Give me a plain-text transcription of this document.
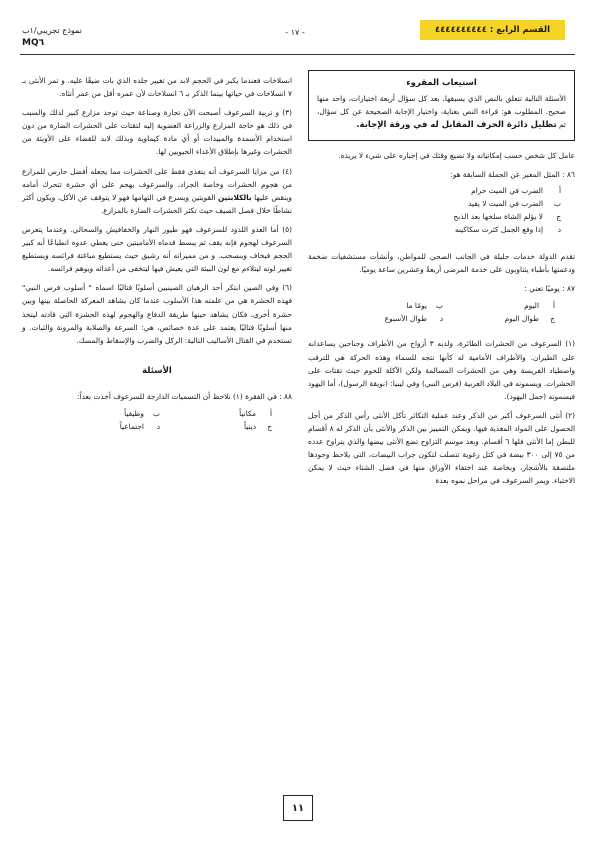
القسم الرابع : ٤٤٤٤٤٤٤٤٤٤
- ١٧ -
نموذج تجريبي/١ب
MQ٦
استيعاب المقروء
الأسئلة التالية تتعلق بالنص الذي يسبقها، بعد كل سؤال أربعة اختيارات، واحد منها صحيح. المطلوب هو: قراءة النص بعناية، واختيار الإجابة الصحيحة عن كل سؤال، ثم تظليل دائرة الحرف المقابل له في ورقة الإجابة.

عامل كل شخص حسب إمكانياته ولا تضيع وقتك في إجباره على شيء لا يريده.

٨٦ : المثل المعبر عن الجملة السابقة هو:
أ
الضرب في الميت حرام
ب
الضرب في الميت لا يفيد
ج
لا يؤلم الشاة سلخها بعد الذبح
د
إذا وقع الجمل كثرت سكاكينه

تقدم الدولة خدمات جليلة في الجانب الصحي للمواطن، وأنشأت مستشفيات ضخمة ودعمتها بأطباء يتناوبون على خدمة المرضى أربعةً وعشرين ساعة يوميًا.

٨٧ : يوميًا تعني :
أ
اليوم
ب
يومًا ما
ج
طوال اليوم
د
طوال الأسبوع

(١) السرعوف من الحشرات الطائرة، ولديه ٣ أزواج من الأطراف وجناحين يساعدانه على الطيران. والأطراف الأمامية له كأنها تتجه للسماء وهذه الحركة هي للترقب واصطياد الفريسة وهي من الحشرات المسالمة ولكن الآكلة للحوم حيث تقتات على الحشرات. ويسمونه في البلاد العربية (فرس النبي) وفي ليبيا: (نويقة الرسول)، أما اليهود فيسمونه (جمل اليهود).

(٢) أنثى السرعوف أكبر من الذكر وعند عملية التكاثر تأكل الأنثى رأس الذكر من أجل الحصول على المواد المغذية فيها. ويمكن التمييز بين الذكر والأنثى بأن الذكر له ٨ أقسام للبطن إما الأنثى فلها ٦ أقسام. وبعد موسم التزاوج تضع الأنثى بيضها والذي يتراوح عدده من ٧٥ إلى ٣٠٠ بيضة في كتل رغوية تتصلب لتكون جراب البيضات، التي يلاحظ وجودها ملتصقة بالأشجار، وبخاصة عند اختفاء الأوراق منها في فصل الشتاء حيث لا يمكن الاختباء. ويمر السرعوف في مراحل نموه بعدة

انسلاخات فعندما يكبر في الحجم لابد من تغيير جلده الذي بات ضيقًا عليه. و تمر الأنثى بـ ٧ انسلاخات في حياتها بينما الذكر بـ ٦ انسلاخات لأن عمره أقل من عمر أنثاه.

(٣) و تربية السرعوف أصبحت الآن تجارة وصناعة حيث توجد مزارع كبير لذلك والسبب في ذلك هو حاجة المزارع والزراعة العضوية إليه لتقتات على الحشرات الضارة من دون استخدام الأسمدة والمبيدات أو أي مادة كيماوية وبذلك لابد للقضاء على الأوبئة من الحشرات وغيرها بإطلاق الأعداء الحيويين لها.

(٤) من مزايا السرعوف أنه يتغذى فقط على الحشرات مما يجعله أفضل حارس للمزارع من هجوم الحشرات وخاصة الجراد، والسرعوف يهجم على أي حشرة تتحرك أمامه وينقض عليها بالكلابتين القويتين ويسرع في التهامها فهو لا يتوقف عن الأكل، ويكون أكثر نشاطًا خلال فصل الصيف حيث تكثر الحشرات الضارة بالمزارع.

(٥) أما العدو اللدود للسرعوف فهو طيور النهار والخفافيش والسحالي. وعندما يتعرض السرعوف لهجوم فإنه يقف ثم يبسط قدماه الأماميتين حتى يعطي عدوه انطباعًا أنه كبير الحجم فيخاف وينسحب. و من مميزاته أنه رشيق حيث يستطيع مباغتة فرائسه ويستطيع تغيير لونه ليتلاءم مع لون البيئة التي يعيش فيها ليتخفى من أعدائه ويوهم فرائسه.

(٦) وفي الصين ابتكر أحد الرهبان الصينيين أسلوبًا قتاليًا اسماه " أسلوب فرس النبي" فهذه الحشرة هي من علمته هذا الأسلوب عندما كان يشاهد المعركة الحاصلة بينها وبين حشرة أخرى، فكان يشاهد حينها طريقة الدفاع والهجوم لهذه الحشرة التي قادته ليتخذ منها أسلوبًا قتاليًا يعتمد على عدة خصائص، هي: السرعة والصلابة والمرونة والثبات. و تستخدم في القتال الأساليب التالية: الركل والضرب والإسقاط والمسك.

الأسئلة
٨٨ : في الفقرة (١) نلاحظ أن التسميات الدارجة للسرعوف أخذت بعداً:
أ
مكانياً
ب
وظيفياً
ج
دينياً
د
اجتماعياً
١١
